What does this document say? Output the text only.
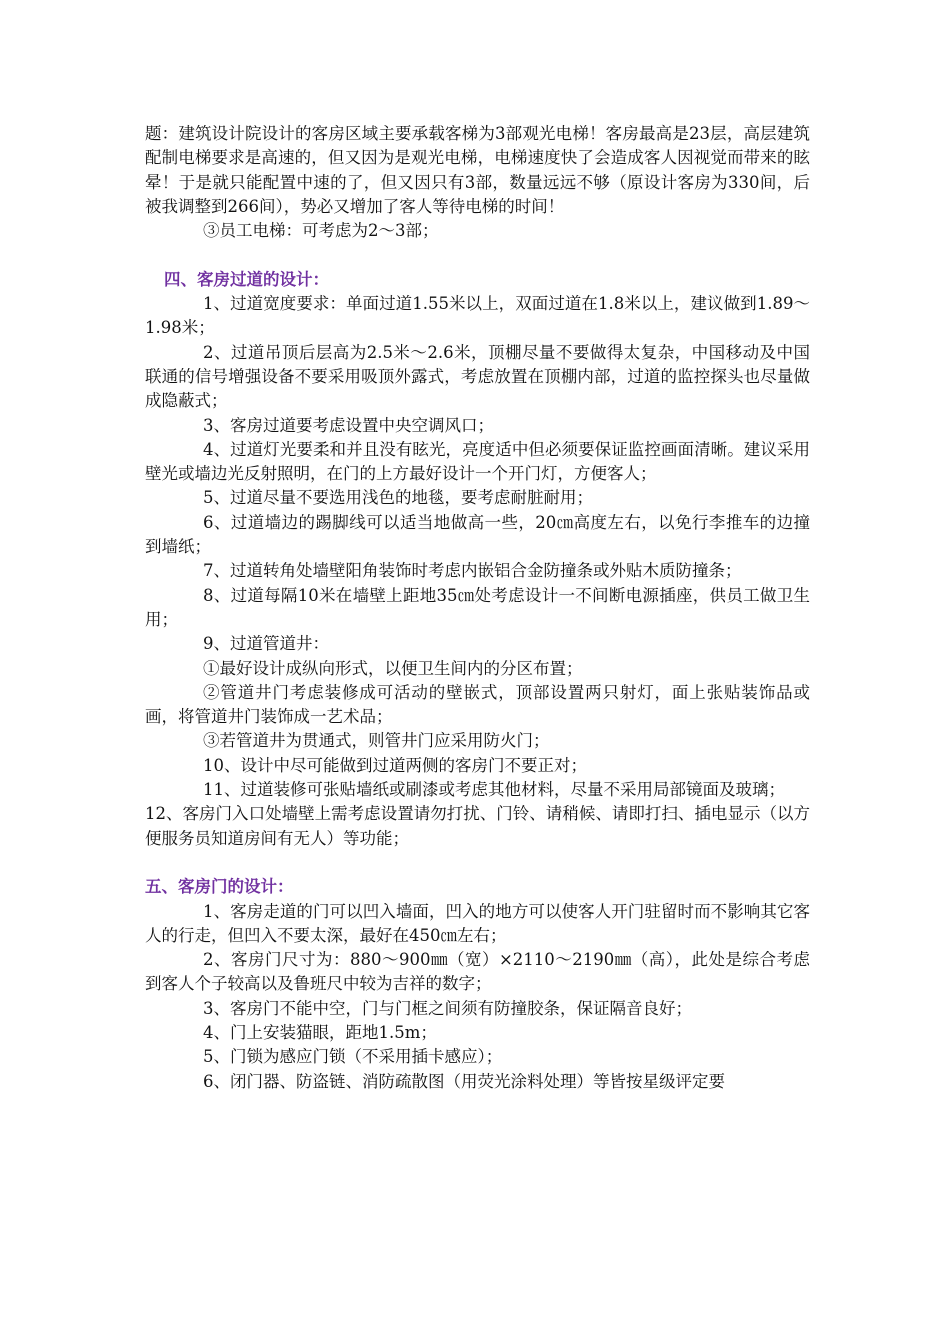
题：建筑设计院设计的客房区域主要承载客梯为3部观光电梯！客房最高是23层，高层建筑配制电梯要求是高速的，但又因为是观光电梯，电梯速度快了会造成客人因视觉而带来的眩晕！于是就只能配置中速的了，但又因只有3部，数量远远不够（原设计客房为330间，后被我调整到266间），势必又增加了客人等待电梯的时间！

③员工电梯：可考虑为2～3部；

四、客房过道的设计：

1、过道宽度要求：单面过道1.55米以上，双面过道在1.8米以上，建议做到1.89～1.98米；

2、过道吊顶后层高为2.5米～2.6米，顶棚尽量不要做得太复杂，中国移动及中国联通的信号增强设备不要采用吸顶外露式，考虑放置在顶棚内部，过道的监控探头也尽量做成隐蔽式；

3、客房过道要考虑设置中央空调风口；

4、过道灯光要柔和并且没有眩光，亮度适中但必须要保证监控画面清晰。建议采用壁光或墙边光反射照明，在门的上方最好设计一个开门灯，方便客人；

5、过道尽量不要选用浅色的地毯，要考虑耐脏耐用；

6、过道墙边的踢脚线可以适当地做高一些，20㎝高度左右，以免行李推车的边撞到墙纸；

7、过道转角处墙壁阳角装饰时考虑内嵌铝合金防撞条或外贴木质防撞条；

8、过道每隔10米在墙壁上距地35㎝处考虑设计一不间断电源插座，供员工做卫生用；

9、过道管道井：

①最好设计成纵向形式，以便卫生间内的分区布置；

②管道井门考虑装修成可活动的壁嵌式，顶部设置两只射灯，面上张贴装饰品或画，将管道井门装饰成一艺术品；

③若管道井为贯通式，则管井门应采用防火门；

10、设计中尽可能做到过道两侧的客房门不要正对；

11、过道装修可张贴墙纸或刷漆或考虑其他材料，尽量不采用局部镜面及玻璃；

12、客房门入口处墙壁上需考虑设置请勿打扰、门铃、请稍候、请即打扫、插电显示（以方便服务员知道房间有无人）等功能；

五、客房门的设计：

1、客房走道的门可以凹入墙面，凹入的地方可以使客人开门驻留时而不影响其它客人的行走，但凹入不要太深，最好在450㎝左右；

2、客房门尺寸为：880～900㎜（宽）×2110～2190㎜（高），此处是综合考虑到客人个子较高以及鲁班尺中较为吉祥的数字；

3、客房门不能中空，门与门框之间须有防撞胶条，保证隔音良好；

4、门上安装猫眼，距地1.5m；

5、门锁为感应门锁（不采用插卡感应）；

6、闭门器、防盗链、消防疏散图（用荧光涂料处理）等皆按星级评定要
